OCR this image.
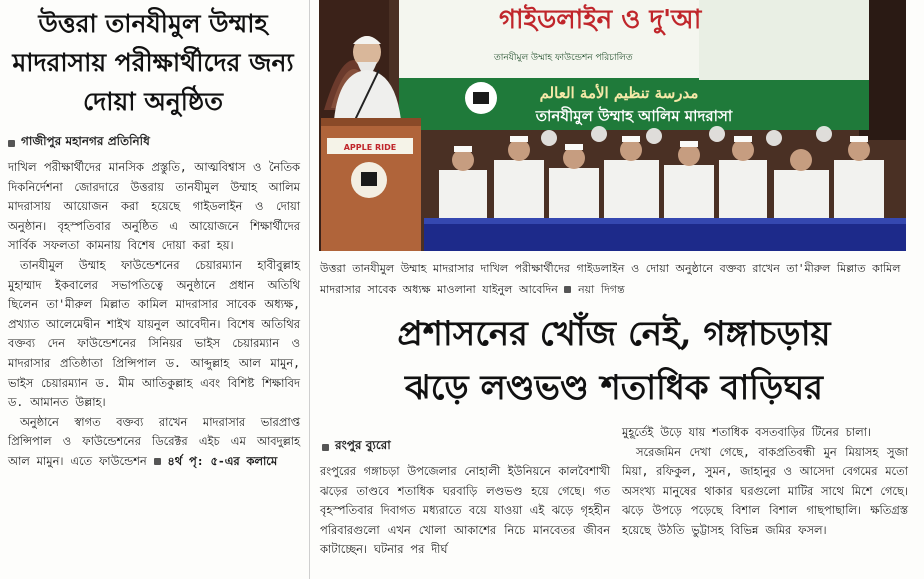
উত্তরা তানযীমুল উম্মাহ মাদরাসায় পরীক্ষার্থীদের জন্য দোয়া অনুষ্ঠিত
গাজীপুর মহানগর প্রতিনিধি

দাখিল পরীক্ষার্থীদের মানসিক প্রস্তুতি, আত্মবিশ্বাস ও নৈতিক দিকনির্দেশনা জোরদারে উত্তরায় তানযীমুল উম্মাহ আলিম মাদরাসায় আয়োজন করা হয়েছে গাইডলাইন ও দোয়া অনুষ্ঠান। বৃহস্পতিবার অনুষ্ঠিত এ আয়োজনে শিক্ষার্থীদের সার্বিক সফলতা কামনায় বিশেষ দোয়া করা হয়।

তানযীমুল উম্মাহ ফাউন্ডেশনের চেয়ারম্যান হাবীবুল্লাহ মুহাম্মাদ ইকবালের সভাপতিত্বে অনুষ্ঠানে প্রধান অতিথি ছিলেন তা'মীরুল মিল্লাত কামিল মাদরাসার সাবেক অধ্যক্ষ, প্রখ্যাত আলেমেদ্বীন শাইখ যায়নুল আবেদীন। বিশেষ অতিথির বক্তব্য দেন ফাউন্ডেশনের সিনিয়র ভাইস চেয়ারম্যান ও মাদরাসার প্রতিষ্ঠাতা প্রিন্সিপাল ড. আব্দুল্লাহ আল মামুন, ভাইস চেয়ারম্যান ড. মীম আতিকুল্লাহ এবং বিশিষ্ট শিক্ষাবিদ ড. আমানত উল্লাহ।

অনুষ্ঠানে স্বাগত বক্তব্য রাখেন মাদরাসার ভারপ্রাপ্ত প্রিন্সিপাল ও ফাউন্ডেশনের ডিরেক্টর এইচ এম আবদুল্লাহ আল মামুন। এতে ফাউন্ডেশন ৪র্থ পৃ: ৫-এর কলামে

গাইডলাইন ও দু'আ
তানযীমুল উম্মাহ ফাউন্ডেশন পরিচালিত
مدرسة تنظيم الأمة العالم
তানযীমুল উম্মাহ আলিম মাদরাসা
APPLE RIDE
উত্তরা তানযীমুল উম্মাহ মাদরাসার দাখিল পরীক্ষার্থীদের গাইডলাইন ও দোয়া অনুষ্ঠানে বক্তব্য রাখেন তা'মীরুল মিল্লাত কামিল মাদরাসার সাবেক অধ্যক্ষ মাওলানা যাইনুল আবেদিন নয়া দিগন্ত
প্রশাসনের খোঁজ নেই, গঙ্গাচড়ায়
ঝড়ে লণ্ডভণ্ড শতাধিক বাড়িঘর
রংপুর ব্যুরো

রংপুরের গঙ্গাচড়া উপজেলার নোহালী ইউনিয়নে কালবৈশাখী ঝড়ের তাণ্ডবে শতাধিক ঘরবাড়ি লণ্ডভণ্ড হয়ে গেছে। গত বৃহস্পতিবার দিবাগত মধ্যরাতে বয়ে যাওয়া এই ঝড়ে গৃহহীন পরিবারগুলো এখন খোলা আকাশের নিচে মানবেতর জীবন কাটাচ্ছেন। ঘটনার পর দীর্ঘ

মুহূর্তেই উড়ে যায় শতাধিক বসতবাড়ির টিনের চালা।

সরেজমিন দেখা গেছে, বাকপ্রতিবন্ধী মুন মিয়াসহ সুজা মিয়া, রফিকুল, সুমন, জাহানুর ও আসেদা বেগমের মতো অসংখ্য মানুষের থাকার ঘরগুলো মাটির সাথে মিশে গেছে। ঝড়ে উপড়ে পড়েছে বিশাল বিশাল গাছপাছালি। ক্ষতিগ্রস্ত হয়েছে উঠতি ভুট্টাসহ বিভিন্ন জমির ফসল।
